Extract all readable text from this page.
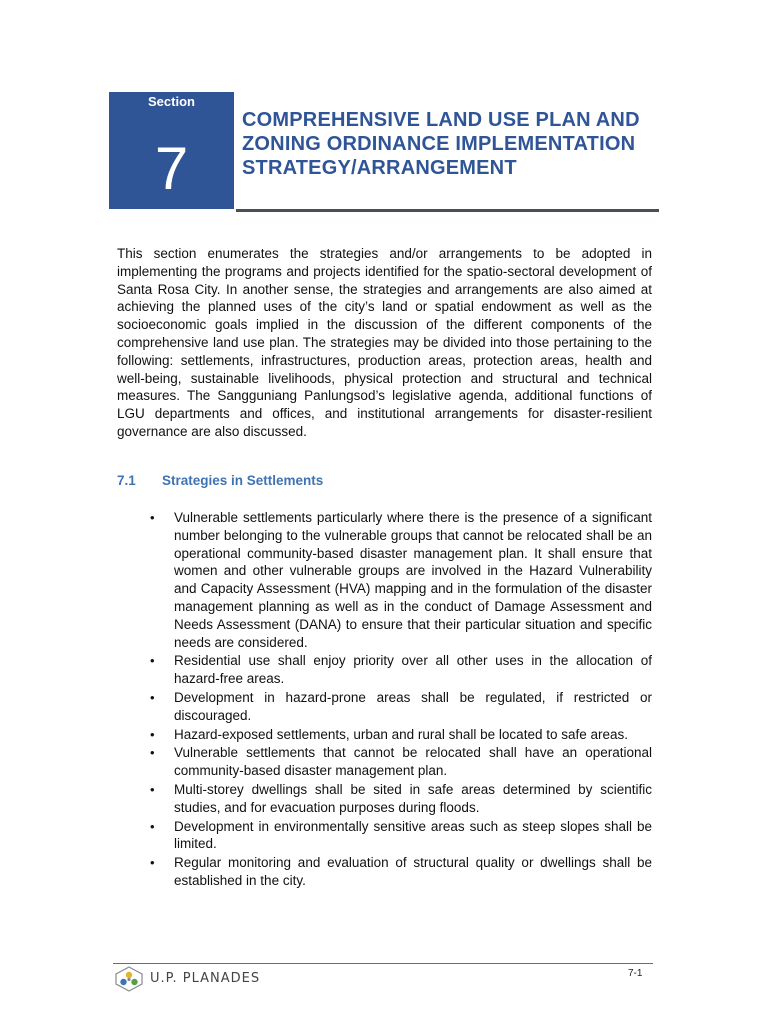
Section
7
COMPREHENSIVE LAND USE PLAN AND ZONING ORDINANCE IMPLEMENTATION STRATEGY/ARRANGEMENT

This section enumerates the strategies and/or arrangements to be adopted in implementing the programs and projects identified for the spatio-sectoral development of Santa Rosa City. In another sense, the strategies and arrangements are also aimed at achieving the planned uses of the city’s land or spatial endowment as well as the socioeconomic goals implied in the discussion of the different components of the comprehensive land use plan. The strategies may be divided into those pertaining to the following: settlements, infrastructures, production areas, protection areas, health and well-being, sustainable livelihoods, physical protection and structural and technical measures. The Sangguniang Panlungsod’s legislative agenda, additional functions of LGU departments and offices, and institutional arrangements for disaster-resilient governance are also discussed.

7.1 Strategies in Settlements
• Vulnerable settlements particularly where there is the presence of a significant number belonging to the vulnerable groups that cannot be relocated shall be an operational community-based disaster management plan. It shall ensure that women and other vulnerable groups are involved in the Hazard Vulnerability and Capacity Assessment (HVA) mapping and in the formulation of the disaster management planning as well as in the conduct of Damage Assessment and Needs Assessment (DANA) to ensure that their particular situation and specific needs are considered.
• Residential use shall enjoy priority over all other uses in the allocation of hazard-free areas.
• Development in hazard-prone areas shall be regulated, if restricted or discouraged.
• Hazard-exposed settlements, urban and rural shall be located to safe areas.
• Vulnerable settlements that cannot be relocated shall have an operational community-based disaster management plan.
• Multi-storey dwellings shall be sited in safe areas determined by scientific studies, and for evacuation purposes during floods.
• Development in environmentally sensitive areas such as steep slopes shall be limited.
• Regular monitoring and evaluation of structural quality or dwellings shall be established in the city.
U.P. PLANADES	7-1
